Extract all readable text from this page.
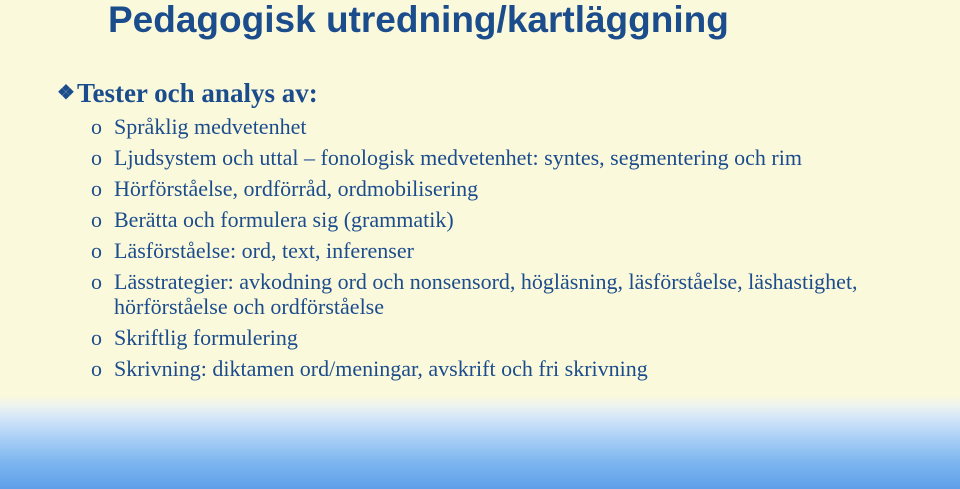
Pedagogisk utredning/kartläggning
❖Tester och analys av:
o Språklig medvetenhet
o Ljudsystem och uttal – fonologisk medvetenhet: syntes, segmentering och rim
o Hörförståelse, ordförråd, ordmobilisering
o Berätta och formulera sig (grammatik)
o Läsförståelse: ord, text, inferenser
o Lässtrategier: avkodning ord och nonsensord, högläsning, läsförståelse, läshastighet, hörförståelse och ordförståelse
o Skriftlig formulering
o Skrivning: diktamen ord/meningar, avskrift och fri skrivning
